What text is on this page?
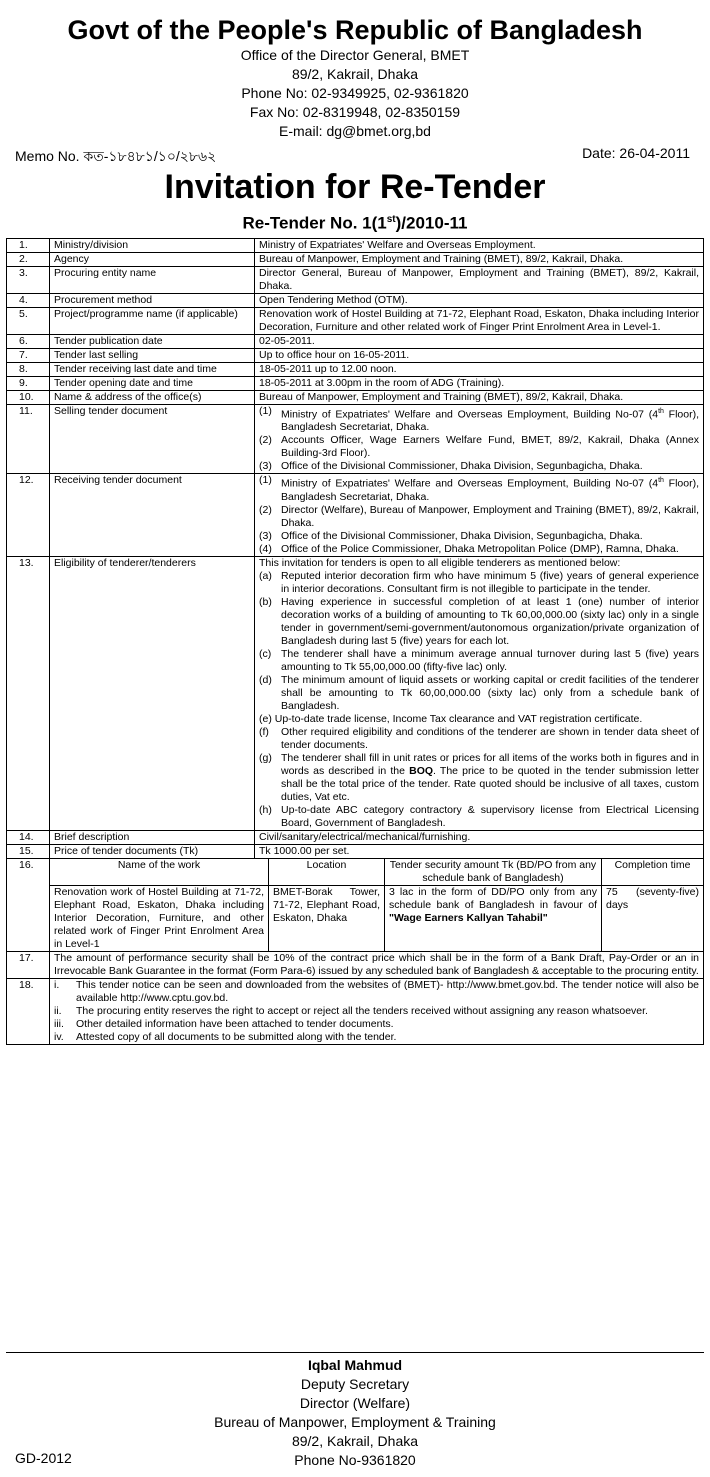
Govt of the People's Republic of Bangladesh
Office of the Director General, BMET
89/2, Kakrail, Dhaka
Phone No: 02-9349925, 02-9361820
Fax No: 02-8319948, 02-8350159
E-mail: dg@bmet.org,bd
Memo No. কত-১৮৪৮১/১০/২৮৬২	Date: 26-04-2011
Invitation for Re-Tender
Re-Tender No. 1(1st)/2010-11
1.	Ministry/division	Ministry of Expatriates' Welfare and Overseas Employment.
2.	Agency	Bureau of Manpower, Employment and Training (BMET), 89/2, Kakrail, Dhaka.
3.	Procuring entity name	Director General, Bureau of Manpower, Employment and Training (BMET), 89/2, Kakrail, Dhaka.
4.	Procurement method	Open Tendering Method (OTM).
5.	Project/programme name (if applicable)	Renovation work of Hostel Building at 71-72, Elephant Road, Eskaton, Dhaka including Interior Decoration, Furniture and other related work of Finger Print Enrolment Area in Level-1.
6.	Tender publication date	02-05-2011.
7.	Tender last selling	Up to office hour on 16-05-2011.
8.	Tender receiving last date and time	18-05-2011 up to 12.00 noon.
9.	Tender opening date and time	18-05-2011 at 3.00pm in the room of ADG (Training).
10.	Name & address of the office(s)	Bureau of Manpower, Employment and Training (BMET), 89/2, Kakrail, Dhaka.
11.	Selling tender document	(1) Ministry of Expatriates' Welfare and Overseas Employment, Building No-07 (4th Floor), Bangladesh Secretariat, Dhaka.
(2) Accounts Officer, Wage Earners Welfare Fund, BMET, 89/2, Kakrail, Dhaka (Annex Building-3rd Floor).
(3) Office of the Divisional Commissioner, Dhaka Division, Segunbagicha, Dhaka.

12.	Receiving tender document	(1) Ministry of Expatriates' Welfare and Overseas Employment, Building No-07 (4th Floor), Bangladesh Secretariat, Dhaka.
(2) Director (Welfare), Bureau of Manpower, Employment and Training (BMET), 89/2, Kakrail, Dhaka.
(3) Office of the Divisional Commissioner, Dhaka Division, Segunbagicha, Dhaka.
(4) Office of the Police Commissioner, Dhaka Metropolitan Police (DMP), Ramna, Dhaka.

13.	Eligibility of tenderer/tenderers	This invitation for tenders is open to all eligible tenderers as mentioned below:
(a) Reputed interior decoration firm who have minimum 5 (five) years of general experience in interior decorations. Consultant firm is not illegible to participate in the tender.
(b) Having experience in successful completion of at least 1 (one) number of interior decoration works of a building of amounting to Tk 60,00,000.00 (sixty lac) only in a single tender in government/semi-government/autonomous organization/private organization of Bangladesh during last 5 (five) years for each lot.
(c) The tenderer shall have a minimum average annual turnover during last 5 (five) years amounting to Tk 55,00,000.00 (fifty-five lac) only.
(d) The minimum amount of liquid assets or working capital or credit facilities of the tenderer shall be amounting to Tk 60,00,000.00 (sixty lac) only from a schedule bank of Bangladesh.
(e) Up-to-date trade license, Income Tax clearance and VAT registration certificate.
(f) Other required eligibility and conditions of the tenderer are shown in tender data sheet of tender documents.
(g) The tenderer shall fill in unit rates or prices for all items of the works both in figures and in words as described in the BOQ. The price to be quoted in the tender submission letter shall be the total price of the tender. Rate quoted should be inclusive of all taxes, custom duties, Vat etc.
(h) Up-to-date ABC category contractory & supervisory license from Electrical Licensing Board, Government of Bangladesh.

14.	Brief description	Civil/sanitary/electrical/mechanical/furnishing.
15.	Price of tender documents (Tk)	Tk 1000.00 per set.
16.		Name of the work	Location	Tender security amount Tk (BD/PO from any schedule bank of Bangladesh)	Completion time
Renovation work of Hostel Building at 71-72, Elephant Road, Eskaton, Dhaka including Interior Decoration, Furniture, and other related work of Finger Print Enrolment Area in Level-1	BMET-Borak Tower, 71-72, Elephant Road, Eskaton, Dhaka	3 lac in the form of DD/PO only from any schedule bank of Bangladesh in favour of "Wage Earners Kallyan Tahabil"	75 (seventy-five) days

17.	The amount of performance security shall be 10% of the contract price which shall be in the form of a Bank Draft, Pay-Order or an in Irrevocable Bank Guarantee in the format (Form Para-6) issued by any scheduled bank of Bangladesh & acceptable to the procuring entity.
18.	i. This tender notice can be seen and downloaded from the websites of (BMET)- http://www.bmet.gov.bd. The tender notice will also be available http://www.cptu.gov.bd.
ii. The procuring entity reserves the right to accept or reject all the tenders received without assigning any reason whatsoever.
iii. Other detailed information have been attached to tender documents.
iv. Attested copy of all documents to be submitted along with the tender.
Iqbal Mahmud
Deputy Secretary
Director (Welfare)
Bureau of Manpower, Employment & Training
89/2, Kakrail, Dhaka
Phone No-9361820
GD-2012
